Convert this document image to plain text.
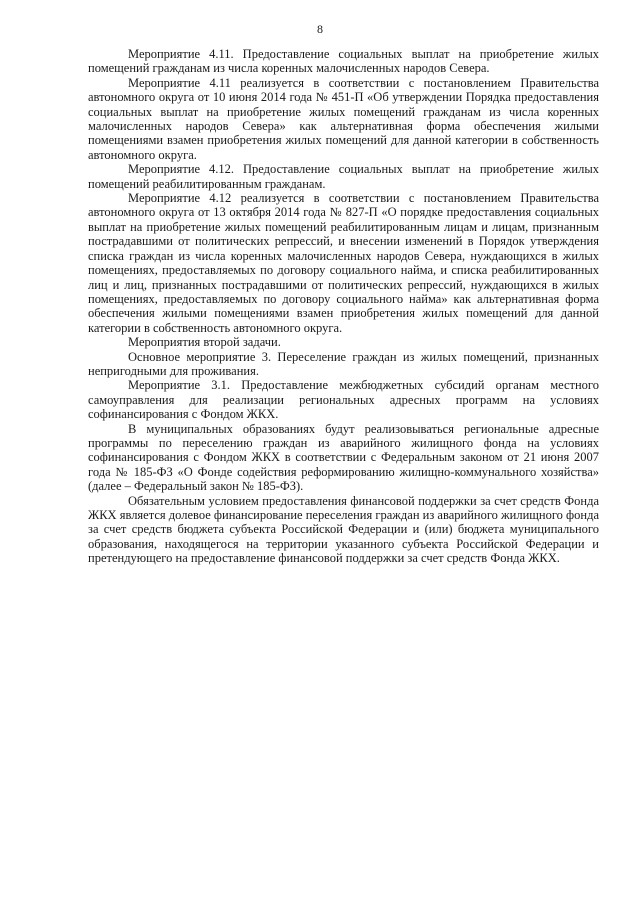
8

Мероприятие 4.11. Предоставление социальных выплат на приобретение жилых помещений гражданам из числа коренных малочисленных народов Севера.

Мероприятие 4.11 реализуется в соответствии с постановлением Правительства автономного округа от 10 июня 2014 года № 451-П «Об утверждении Порядка предоставления социальных выплат на приобретение жилых помещений гражданам из числа коренных малочисленных народов Севера» как альтернативная форма обеспечения жилыми помещениями взамен приобретения жилых помещений для данной категории в собственность автономного округа.

Мероприятие 4.12. Предоставление социальных выплат на приобретение жилых помещений реабилитированным гражданам.

Мероприятие 4.12 реализуется в соответствии с постановлением Правительства автономного округа от 13 октября 2014 года № 827-П «О порядке предоставления социальных выплат на приобретение жилых помещений реабилитированным лицам и лицам, признанным пострадавшими от политических репрессий, и внесении изменений в Порядок утверждения списка граждан из числа коренных малочисленных народов Севера, нуждающихся в жилых помещениях, предоставляемых по договору социального найма, и списка реабилитированных лиц и лиц, признанных пострадавшими от политических репрессий, нуждающихся в жилых помещениях, предоставляемых по договору социального найма» как альтернативная форма обеспечения жилыми помещениями взамен приобретения жилых помещений для данной категории в собственность автономного округа.

Мероприятия второй задачи.

Основное мероприятие 3. Переселение граждан из жилых помещений, признанных непригодными для проживания.

Мероприятие 3.1. Предоставление межбюджетных субсидий органам местного самоуправления для реализации региональных адресных программ на условиях софинансирования с Фондом ЖКХ.

В муниципальных образованиях будут реализовываться региональные адресные программы по переселению граждан из аварийного жилищного фонда на условиях софинансирования с Фондом ЖКХ в соответствии с Федеральным законом от 21 июня 2007 года № 185-ФЗ «О Фонде содействия реформированию жилищно-коммунального хозяйства» (далее – Федеральный закон № 185-ФЗ).

Обязательным условием предоставления финансовой поддержки за счет средств Фонда ЖКХ является долевое финансирование переселения граждан из аварийного жилищного фонда за счет средств бюджета субъекта Российской Федерации и (или) бюджета муниципального образования, находящегося на территории указанного субъекта Российской Федерации и претендующего на предоставление финансовой поддержки за счет средств Фонда ЖКХ.
